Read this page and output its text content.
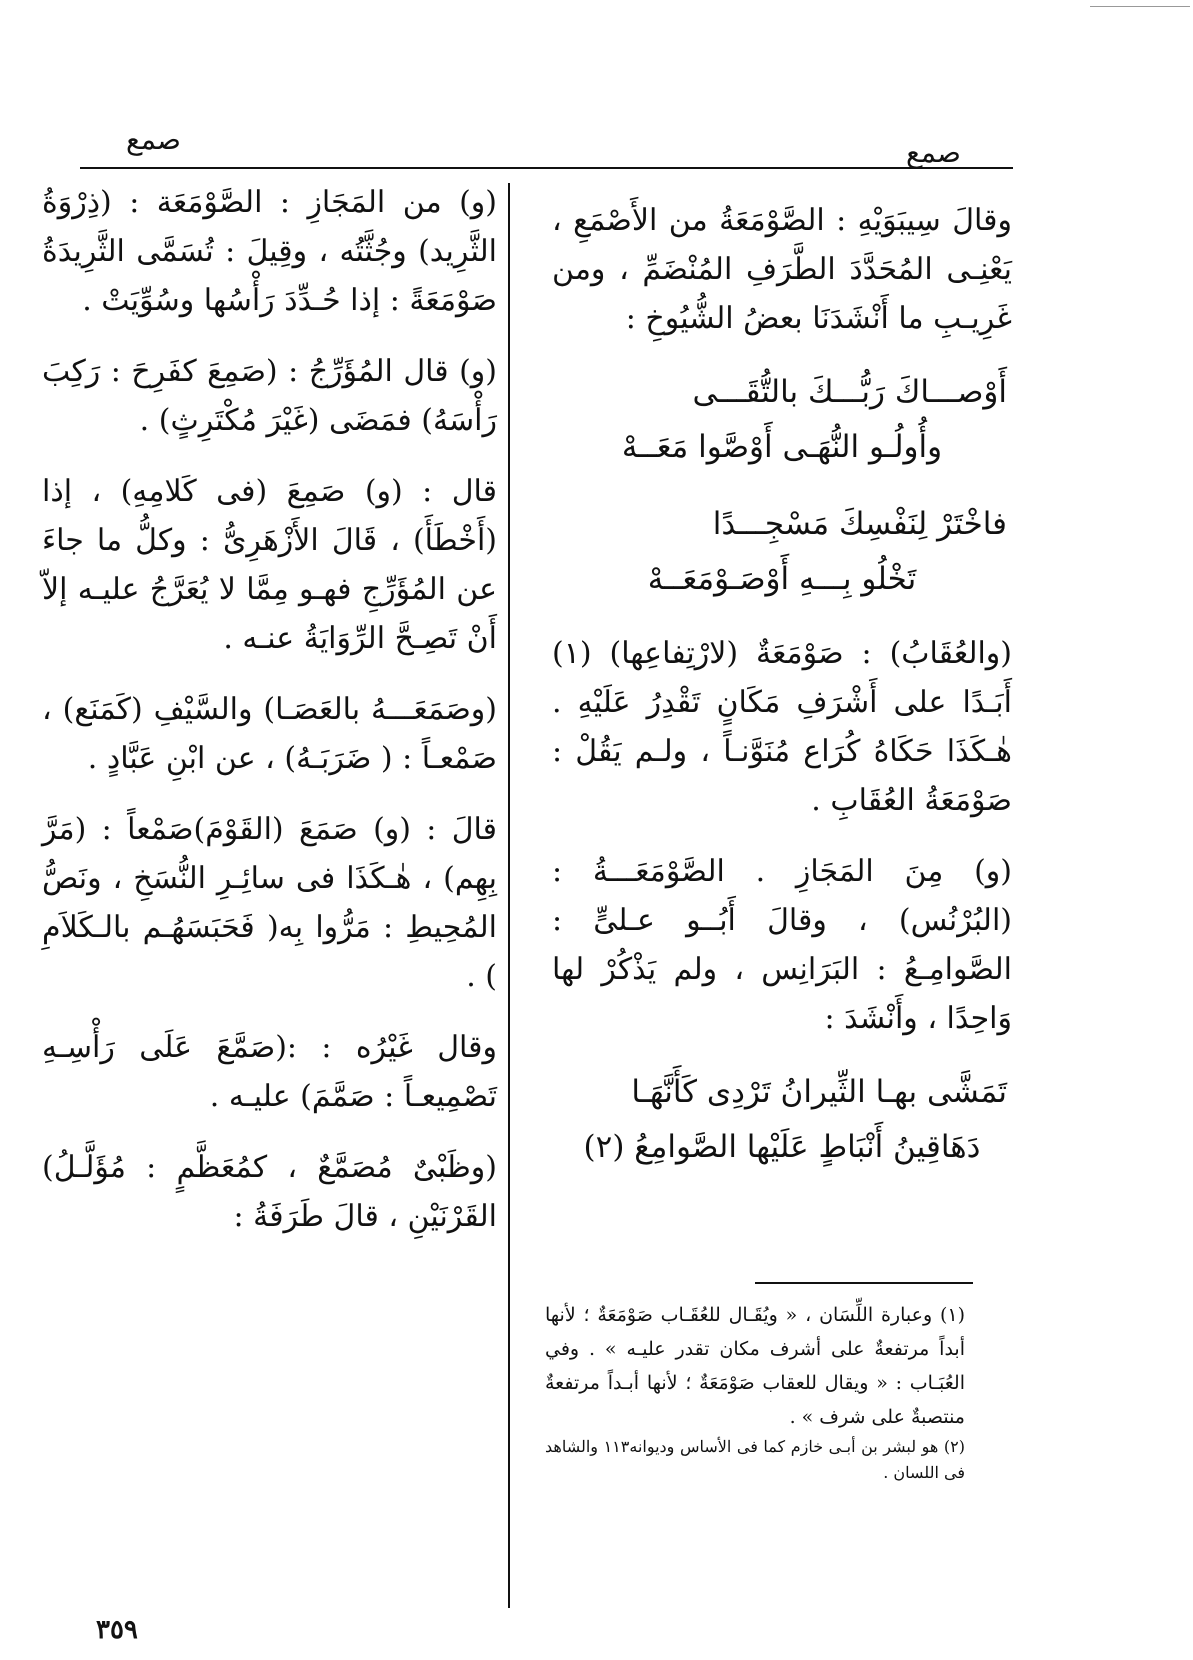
صمع	صمع

وقالَ سِيبَوَيْهِ : الصَّوْمَعَةُ من الأَصْمَعِ ، يَعْنِـى المُحَدَّدَ الطَّرَفِ المُنْضَمِّ ، ومن غَرِيـبِ ما أَنْشَدَنَا بعضُ الشُّيُوخِ :

أَوْصـــاكَ رَبُّـــكَ بالتُّقَـــى

وأُولُـو النُّهَـى أَوْصَّوا مَعَــهْ

فاخْتَرْ لِنَفْسِكَ مَسْجِـــدًا

تَخْلُو بِـــهِ أَوْصَـوْمَعَــهْ

(والعُقَابُ) : صَوْمَعَةٌ (لارْتِفاعِها) (١) أَبَـدًا على أَشْرَفِ مَكَانٍ تَقْدِرُ عَلَيْهِ . هٰـكَذَا حَكَاهُ كُرَاع مُنَوَّنـاً ، ولـم يَقُلْ : صَوْمَعَةُ العُقَابِ .

(و) مِنَ المَجَازِ . الصَّوْمَعَـــةُ : (البُرْنُس) ، وقالَ أَبُــو عـلىٍّ : الصَّوامِـعُ : البَرَانِس ، ولم يَذْكُرْ لها وَاحِدًا ، وأَنْشَدَ :

تَمَشَّى بهـا الثِّيرانُ تَرْدِى كَأَنَّهَـا

دَهَاقِينُ أَنْبَاطٍ عَلَيْها الصَّوامِعُ (٢)

(١) وعبارة اللِّسَان ، « ويُقَـال للعُقَـاب صَوْمَعَةٌ ؛ لأنها أبداً مرتفعةٌ على أشرف مكان تقدر عليـه » . وفي العُبَـاب : « ويقال للعقاب صَوْمَعَةٌ ؛ لأنها أبـداً مرتفعةٌ منتصبةٌ على شرف » .

(٢) هو لبشر بن أبـى خازم كما فى الأساس وديوانه١١٣ والشاهد فى اللسان .

(و) من المَجَازِ : الصَّوْمَعَة : (ذِرْوَةُ الثَّرِيد) وجُثَّتُه ، وقِيلَ : تُسَمَّى الثَّرِيدَةُ صَوْمَعَةً : إذا حُـدِّدَ رَأْسُها وسُوِّيَتْ .

(و) قال المُؤَرِّجُ : (صَمِعَ كفَرِحَ : رَكِبَ رَأْسَهُ) فمَضَى (غَيْرَ مُكْتَرِثٍ) .

قال : (و) صَمِعَ (فى كَلامِهِ) ، إذا (أَخْطَأَ) ، قَالَ الأَزْهَرِىُّ : وكلُّ ما جاءَ عن المُؤَرِّجِ فهـو مِمَّا لا يُعَرَّجُ عليـه إلاّ أَنْ تَصِـحَّ الرِّوَايَةُ عنـه .

(وصَمَعَـــهُ بالعَصَـا) والسَّيْفِ (كَمَنَع) ، صَمْعـاً : ( ضَرَبَـهُ) ، عن ابْنِ عَبَّادٍ .

قالَ : (و) صَمَعَ (القَوْمَ)صَمْعاً : (مَرَّ بِهِم) ، هٰـكَذَا فى سائِـرِ النُّسَخِ ، ونَصُّ المُحِيطِ : مَرُّوا بِه( فَحَبَسَهُـم بالـكَلاَمِ ) .

وقال غَيْرُه : :(صَمَّعَ عَلَى رَأْسِـهِ تَصْمِيعـاً : صَمَّمَ) عليـه .

(وظَبْىٌ مُصَمَّعٌ ، كمُعَظَّمٍ : مُؤَلَّـلُ) القَرْنَيْنِ ، قالَ طَرَفَةُ :

٣٥٩
